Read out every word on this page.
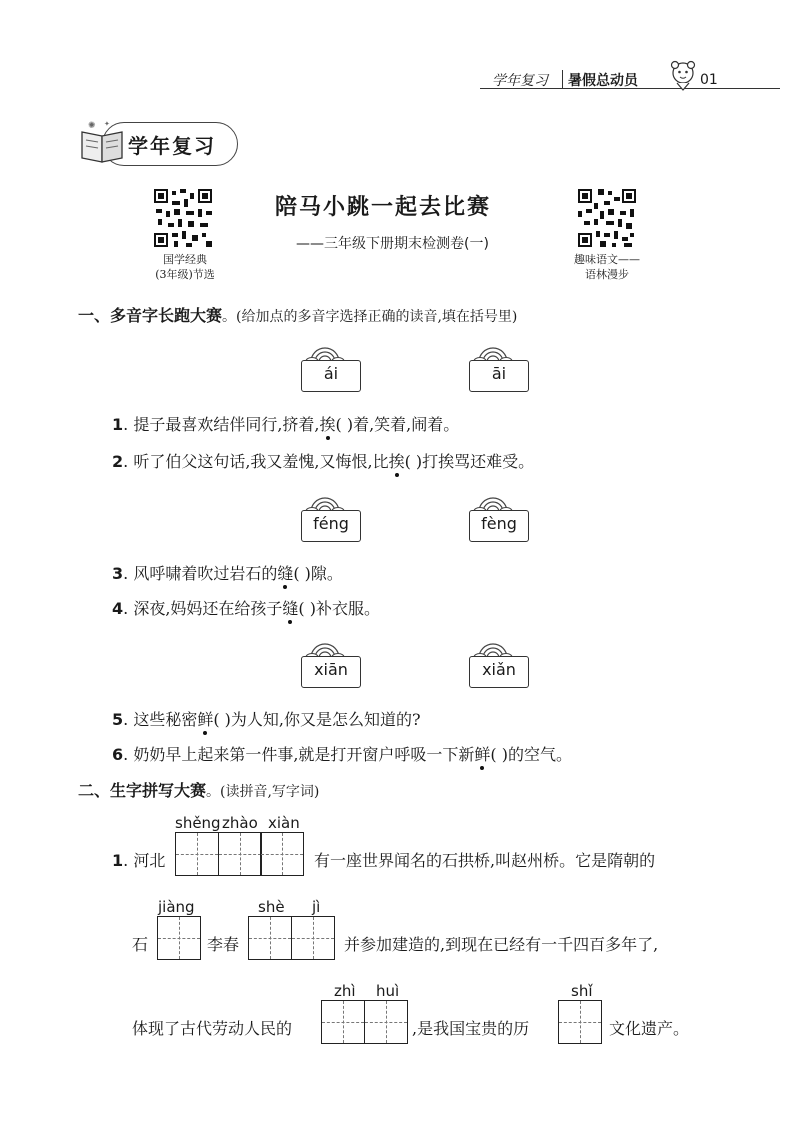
学年复习 暑假总动员	01
✺ ✦
学年复习
国学经典
(3年级)节选
趣味语文——
语林漫步
陪马小跳一起去比赛
——三年级下册期末检测卷(一)
一、多音字长跑大赛。(给加点的多音字选择正确的读音,填在括号里)
ái	āi
1. 提子最喜欢结伴同行,挤着,挨( )着,笑着,闹着。
2. 听了伯父这句话,我又羞愧,又悔恨,比挨( )打挨骂还难受。
féng	fèng
3. 风呼啸着吹过岩石的缝( )隙。
4. 深夜,妈妈还在给孩子缝( )补衣服。
xiān	xiǎn
5. 这些秘密鲜( )为人知,你又是怎么知道的?
6. 奶奶早上起来第一件事,就是打开窗户呼吸一下新鲜( )的空气。
二、生字拼写大赛。(读拼音,写字词)
1. 河北
shěng zhào xiàn
有一座世界闻名的石拱桥,叫赵州桥。它是隋朝的
石
jiàng
李春
shè jì
并参加建造的,到现在已经有一千四百多年了,
体现了古代劳动人民的
zhì huì
,是我国宝贵的历
shǐ
文化遗产。
